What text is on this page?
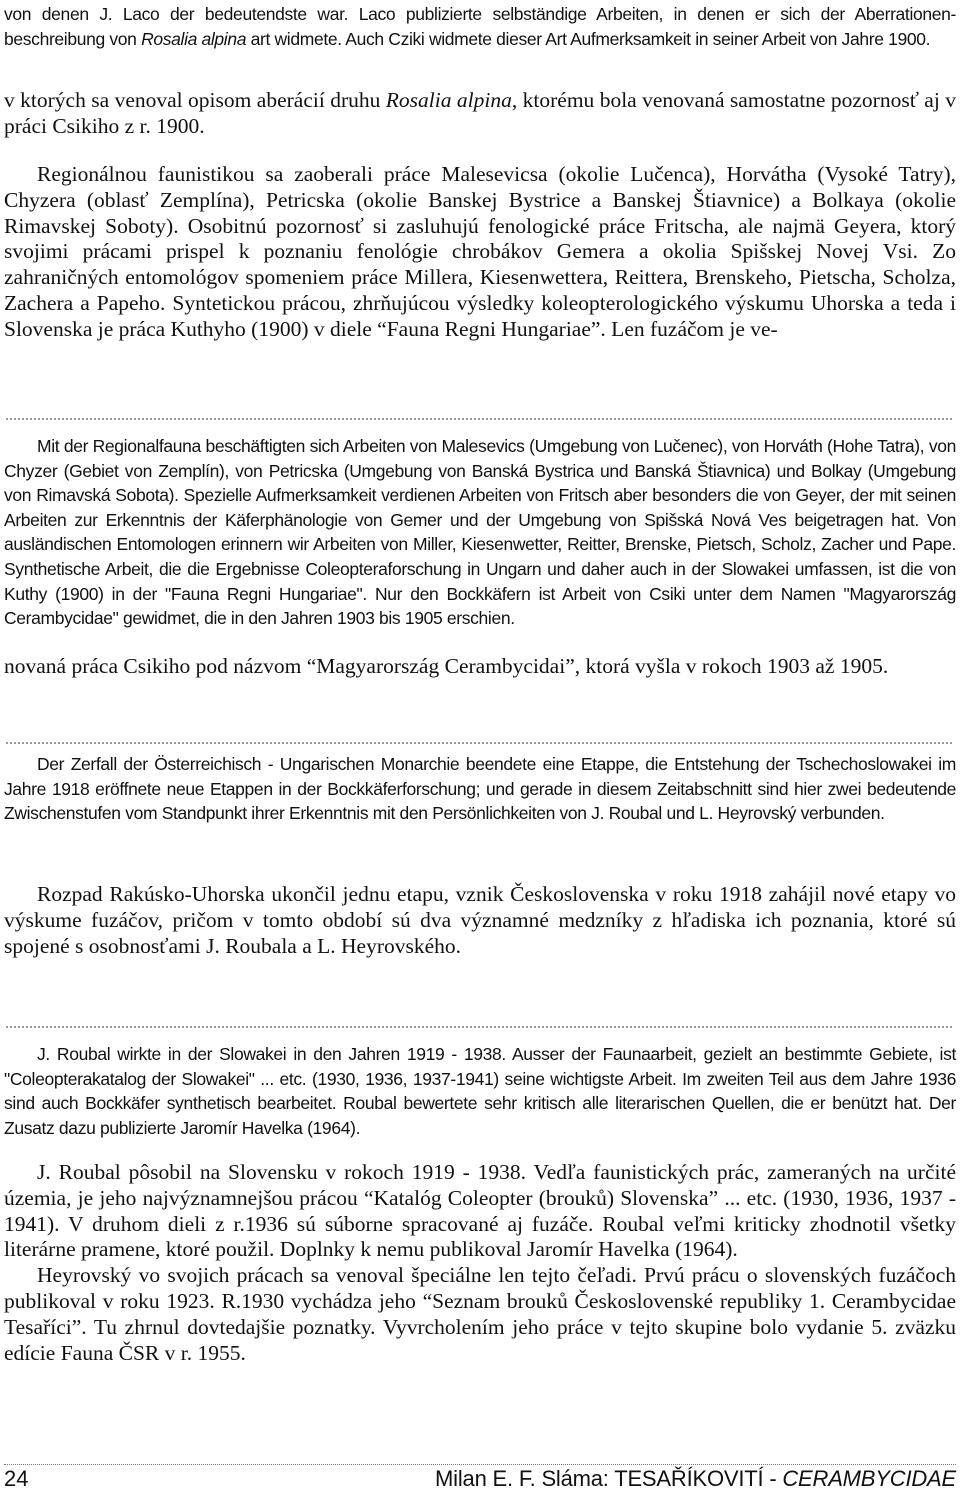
von denen J. Laco der bedeutendste war. Laco publizierte selbständige Arbeiten, in denen er sich der Aberrationen-beschreibung von Rosalia alpina art widmete. Auch Cziki widmete dieser Art Aufmerksamkeit in seiner Arbeit von Jahre 1900.

v ktorých sa venoval opisom aberácií druhu Rosalia alpina, ktorému bola venovaná samostatne pozornosť aj v práci Csikiho z r. 1900.

Regionálnou faunistikou sa zaoberali práce Malesevicsa (okolie Lučenca), Horvátha (Vysoké Tatry), Chyzera (oblasť Zemplína), Petricska (okolie Banskej Bystrice a Banskej Štiavnice) a Bolkaya (okolie Rimavskej Soboty). Osobitnú pozornosť si zasluhujú fenologické práce Fritscha, ale najmä Geyera, ktorý svojimi prácami prispel k poznaniu fenológie chrobákov Gemera a okolia Spišskej Novej Vsi. Zo zahraničných entomológov spomeniem práce Millera, Kiesenwettera, Reittera, Brenskeho, Pietscha, Scholza, Zachera a Papeho. Syntetickou prácou, zhrňujúcou výsledky koleopterologického výskumu Uhorska a teda i Slovenska je práca Kuthyho (1900) v diele “Fauna Regni Hungariae”. Len fuzáčom je ve-

Mit der Regionalfauna beschäftigten sich Arbeiten von Malesevics (Umgebung von Lučenec), von Horváth (Hohe Tatra), von Chyzer (Gebiet von Zemplín), von Petricska (Umgebung von Banská Bystrica und Banská Štiavnica) und Bolkay (Umgebung von Rimavská Sobota). Spezielle Aufmerksamkeit verdienen Arbeiten von Fritsch aber besonders die von Geyer, der mit seinen Arbeiten zur Erkenntnis der Käferphänologie von Gemer und der Umgebung von Spišská Nová Ves beigetragen hat. Von ausländischen Entomologen erinnern wir Arbeiten von Miller, Kiesenwetter, Reitter, Brenske, Pietsch, Scholz, Zacher und Pape. Synthetische Arbeit, die die Ergebnisse Coleopteraforschung in Ungarn und daher auch in der Slowakei umfassen, ist die von Kuthy (1900) in der "Fauna Regni Hungariae". Nur den Bockkäfern ist Arbeit von Csiki unter dem Namen "Magyarország Cerambycidae" gewidmet, die in den Jahren 1903 bis 1905 erschien.

novaná práca Csikiho pod názvom “Magyarország Cerambycidai”, ktorá vyšla v rokoch 1903 až 1905.

Der Zerfall der Österreichisch - Ungarischen Monarchie beendete eine Etappe, die Entstehung der Tschechoslowakei im Jahre 1918 eröffnete neue Etappen in der Bockkäferforschung; und gerade in diesem Zeitabschnitt sind hier zwei bedeutende Zwischenstufen vom Standpunkt ihrer Erkenntnis mit den Persönlichkeiten von J. Roubal und L. Heyrovský verbunden.

Rozpad Rakúsko-Uhorska ukončil jednu etapu, vznik Československa v roku 1918 zahájil nové etapy vo výskume fuzáčov, pričom v tomto období sú dva významné medzníky z hľadiska ich poznania, ktoré sú spojené s osobnosťami J. Roubala a L. Heyrovského.

J. Roubal wirkte in der Slowakei in den Jahren 1919 - 1938. Ausser der Faunaarbeit, gezielt an bestimmte Gebiete, ist "Coleopterakatalog der Slowakei" ... etc. (1930, 1936, 1937-1941) seine wichtigste Arbeit. Im zweiten Teil aus dem Jahre 1936 sind auch Bockkäfer synthetisch bearbeitet. Roubal bewertete sehr kritisch alle literarischen Quellen, die er benützt hat. Der Zusatz dazu publizierte Jaromír Havelka (1964).

J. Roubal pôsobil na Slovensku v rokoch 1919 - 1938. Vedľa faunistických prác, zameraných na určité územia, je jeho najvýznamnejšou prácou “Katalóg Coleopter (brouků) Slovenska” ... etc. (1930, 1936, 1937 - 1941). V druhom dieli z r.1936 sú súborne spracované aj fuzáče. Roubal veľmi kriticky zhodnotil všetky literárne pramene, ktoré použil. Doplnky k nemu publikoval Jaromír Havelka (1964).

Heyrovský vo svojich prácach sa venoval špeciálne len tejto čeľadi. Prvú prácu o slovenských fuzáčoch publikoval v roku 1923. R.1930 vychádza jeho “Seznam brouků Československé republiky 1. Cerambycidae Tesaříci”. Tu zhrnul dovtedajšie poznatky. Vyvrcholením jeho práce v tejto skupine bolo vydanie 5. zväzku edície Fauna ČSR v r. 1955.

24	Milan E. F. Sláma: TESAŘÍKOVITÍ - CERAMBYCIDAE
